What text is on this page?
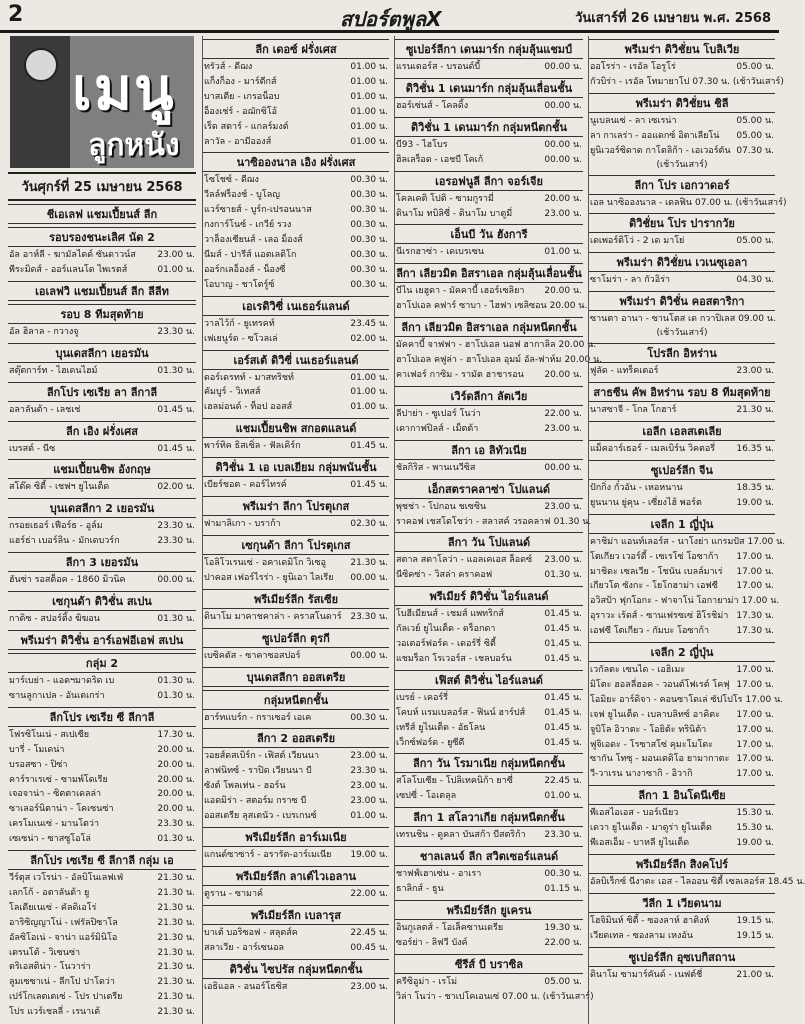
2	สปอร์ตพูลX	วันเสาร์ที่ 26 เมษายน พ.ศ. 2568
เมนู
ลูกหนัง
วันศุกร์ที่ 25 เมษายน 2568
ชีเอเลฟ แชมเปี้ยนส์ ลีก
รอบรองชนะเลิศ นัด 2
อัล อาห์ลี - ฆามัลไดด์ ซันดาวน์ส	23.00 น.
พีระมิดส์ - ออร์แลนโด ไพเรตส์	01.00 น.
เอเลฟวิ แชมเปี้ยนส์ ลีก ลีลีท
รอบ 8 ทีมสุดท้าย
อัล ฮิลาล - กวางจู	23.30 น.
บุนเดสลีกา เยอรมัน
สตุ๊ตการ์ท - ไฮเดนไฮม์	01.30 น.
ลีกโปร เซเรีย ลา ลีกาลี
อลาลันต้า - เลชเช่	01.45 น.
ลีก เอิง ฝรั่งเศส
เบรสต์ - นีซ	01.45 น.
แชมเปี้ยนชิพ อังกฤษ
สโต๊ค ซิตี้ - เชฟฯ ยูไนเต็ด	02.00 น.
บุนเดสลีกา 2 เยอรมัน
กรอยเธอร์ เฟือร์ธ - อูล์ม	23.30 น.
แฮร์ธ่า เบอร์ลิน - มักเดบวร์ก	23.30 น.
ลีกา 3 เยอรมัน
ฮันซ่า รอสต็อค - 1860 มิวนิค	00.00 น.
เซกุนด้า ดิวิชั่น สเปน
กาดิซ - สปอร์ติ้ง ฆิฆอน	01.30 น.
พรีเมร่า ดิวิชั่น อาร์เอฟอีเอฟ สเปน
กลุ่ม 2
มาร์เบย่า - แอตฯมาดริด เบ	01.30 น.
ซานลูกาเปล - อันเตเกร่า	01.30 น.
ลีกโปร เซเรีย ซี ลีกาลี
โฟรซิโนเน่ - สเปเซีย	17.30 น.
บารี่ - โมเดน่า	20.00 น.
บรอสซา - ปิซ่า	20.00 น.
คาร์ราเรเซ่ - ซามพ์โดเรีย	20.00 น.
เจอจาน่า - ซิตตาเดลล่า	20.00 น.
ซาเลอร์นิตาน่า - โคเซนซ่า	20.00 น.
เครโมเนเซ่ - มานโตว่า	23.30 น.
เซเซน่า - ซาสซูโอโล่	01.30 น.
ลีกโปร เซเรีย ซี ลีกาลี กลุ่ม เอ
วีร์ตุส เวโรน่า - อัลบิโนเลฟเฟ่	21.30 น.
เลกโก้ - อตาลันต้า ยู	21.30 น.
โลเดียเนเซ่ - คัลดิเอโร่	21.30 น.
อาริซิญญาโน่ - เฟรัลปิซาโล	21.30 น.
อัลซิโอเน่ - จาน่า แอร์มินิโอ	21.30 น.
เตรนโต้ - วิเซนซ่า	21.30 น.
ตริเอสติน่า - โนวาร่า	21.30 น.
ลูมเซซาเน่ - ลีกโป ปาโดว่า	21.30 น.
เปร์โกเลตเตเซ่ - โปร ปาเตรีย	21.30 น.
โปร แวร์เชลลี่ - เรนาเต้	21.30 น.
ลีก เดอซ์ ฝรั่งเศส
ทรัวส์ - ดีฌง	01.00 น.
แก็งก็อง - มาร์ตีกส์	01.00 น.
บาสเตีย - เกรอน็อบ	01.00 น.
อ็องเช่ร์ - อฌักซิโอ้	01.00 น.
เร็ด สตาร์ - แกลร์มงต์	01.00 น.
ลาวัล - อามีอองส์	01.00 น.
นาซิอองนาล เอิง ฝรั่งเศส
โซโชซ์ - ดีฌง	00.30 น.
วีลล์ฟร็องช์ - บูโลญ	00.30 น.
แวร์ซายส์ - บูร์ก-เปรอนนาส	00.30 น.
กงการ์โนซ์ - เกวีย์ รวง	00.30 น.
วาล็องเซียนส์ - เลอ ม็องส์	00.30 น.
นีมส์ - ปารีส์ แอตเลติโก	00.30 น.
ออร์กเลอ็องส์ - น็องซี่	00.30 น.
โอบาญ - ชาโตรู์ซ์	00.30 น.
เอเรดิวิซี่ เนเธอร์แลนด์
วาลไว้ก์ - ยูเทรคท์	23.45 น.
เฟเยนูร์ด - ซโวลเล่	02.00 น.
เอร์สเต้ ดิวิซี่ เนเธอร์แลนด์
ดอร์เดรทท์ - มาสทริชท์	01.00 น.
คัมบูร์ - วิเทสส์	01.00 น.
เฮลม่อนด์ - ท็อป ออสส์	01.00 น.
แชมเปี้ยนชิพ สกอตแลนด์
พาร์ทิค ธิสเซิ่ล - ฟัลเคิร์ก	01.45 น.
ดิวิชั่น 1 เอ เบลเยียม กลุ่มพนันชั้น
เบียร์ชอต - คอร์ไทรค์	01.45 น.
พรีเมร่า ลีกา โปรตุเกส
ฟามาลิเกา - บราก้า	02.30 น.
เซกุนด้า ลีกา โปรตุเกส
โอลิโวเรนเซ่ - อคาเดมิโก วิเซอู	21.30 น.
ปาคอส เฟอร์ไรร่า - ยูนิเอา ไลเรีย	00.00 น.
พรีเมียร์ลีก รัสเซีย
ดินาโม มาคาชคาล่า - คราสโนดาร์ 23.30 น.
ซูเปอร์ลีก ตุรกี
เบซิคตัส - ซาคาซอสปอร์	00.00 น.
บุนเดสลีกา ออสเตรีย
กลุ่มหนีตกชั้น
ฮาร์ทแบร์ก - กราเซอร์ เอเค	00.30 น.
ลีกา 2 ออสเตรีย
วอยส์ดสเบิร์ก - เฟิสต์ เวียนนา	23.00 น.
ลาฟนิทซ์ - ราปิด เวียนนา บี	23.30 น.
ซังต์ โพลเท่น - ฮอร์น	23.00 น.
แอดมิร่า - สตอร์ม กราซ บี	23.00 น.
ออสเตรีย ลุสเตนัว - เบรเกนซ์	01.00 น.
พรีเมียร์ลีก อาร์เมเนีย
แกนด์ซาซาร์ - อรารัต-อาร์เมเนีย	19.00 น.
พรีเมียร์ลีก ลาเต์ไวเอลาน
ตูราน - ซามาค์	22.00 น.
พรีเมียร์ลีก เบลารุส
บาเต้ บอริซอฟ - สลุตส์ค	22.45 น.
สลาเวีย - อาร์เซนอล	00.45 น.
ดิวิชั่น ไซปรัส กลุ่มหนีตกชั้น
เอธิแอล - อนอร์โธซิส	23.00 น.
ซูเปอร์ลีกา เดนมาร์ก กลุ่มลุ้นแชมป์
แรนเดอร์ส - บรอนด์บี้	00.00 น.
ดิวิชั่น 1 เดนมาร์ก กลุ่มลุ้นเลื่อนชั้น
ฮอร์เซ่นส์ - โคลดิ้ง	00.00 น.
ดิวิชั่น 1 เดนมาร์ก กลุ่มหนีตกชั้น
บี93 - ไฮโบร	00.00 น.
ฮิลเลร็อด - เอชบี โคเก้	00.00 น.
เอรอฟนูลี ลีกา จอร์เจีย
โคลเคติ โปติ - ซามกูรามี่	20.00 น.
ดินาโม ทบิลิซี่ - ดินาโม บาตูมี่	23.00 น.
เอ็นบี วัน ฮังการี
นีเรกฮาซ่า - เดเบรเซน	01.00 น.
ลีกา เลียวมิต อิสราเอล กลุ่มลุ้นเลื่อนชั้น
บีไน เยฮูดา - มัคคาบี้ เฮอร์เซลิยา	20.00 น.
ฮาโปเอล คฟาร์ ซาบา - ไฮฟา เซลิซอน 20.00 น.
ลีกา เลียวมิต อิสราเอล กลุ่มหนีตกชั้น
มัคคาบี้ จาฟฟา - ฮาโปเอล นอฟ ฮากาลิล 20.00 น.
ฮาโปเอล คฟูล่า - ฮาโปเอล อุมม์ อัล-ฟาห์ม 20.00 น.
คาเฟอร์ กาซิม - รามัต ฮาชารอน	20.00 น.
เวิร์ดลีกา ลัตเวีย
ลีปาย่า - ซูเปอร์ โนว่า	22.00 น.
เดากาฟปิลส์ - เม็ตต้า	23.00 น.
ลีกา เอ ลิทัวเนีย
ชัลกิริส - พานเนวีซิส	00.00 น.
เอ็กสตราคลาซ่า โปแลนด์
พุชช่า - โปกอน ชเซซิน	23.00 น.
ราคอฟ เชสโตโชว่า - สลาสค์ วรอคลาฟ 01.30 น.
ลีกา วัน โปแลนด์
สตาล สตาโลว่า - แอลเคเอส ล็อดซ์	23.00 น.
นีซิคซ่า - วิสล่า คราคอฟ	01.30 น.
พรีเมียร์ ดิวิชั่น ไอร์แลนด์
โบฮีเมียนส์ - เชมส์ แพทริกส์	01.45 น.
กัลเวย์ ยูไนเต็ด - ดร็อกดา	01.45 น.
วอเตอร์ฟอร์ด - เดอร์รี่ ซิตี้	01.45 น.
แชมร็อก โรเวอร์ส - เชลบอร์น	01.45 น.
เฟิสต์ ดิวิชั่น ไอร์แลนด์
เบรย์ - เคอร์รี่	01.45 น.
โคบห์ แรมเบลอร์ส - ฟินน์ ฮาร์ปส์	01.45 น.
เทรีส์ ยูไนเต็ด - อัธโลน	01.45 น.
เว็กซ์ฟอร์ด - ยูซีดี	01.45 น.
ลีกา วัน โรมาเนีย กลุ่มหนีตกชั้น
สโลโบเซีย - โปลิเทคนิก้า ยาซี่	22.45 น.
เซปซี่ - โอเตลุล	01.00 น.
ลีกา 1 สโลวาเกีย กลุ่มหนีตกชั้น
เทรนชิน - ดูคลา บันสก้า บีสตริก้า	23.30 น.
ชาลเลนจ์ ลีก สวิตเซอร์แลนด์
ชาฟฟ์เฮาเซ่น - อาเรา	00.30 น.
ธาลิกส์ - ธูน	01.15 น.
พรีเมียร์ลีก ยูเครน
อินกูเลตส์ - โอเล็คซานเดรีย	19.30 น.
ซอร์ย่า - ลิฟวี บังค์	22.00 น.
ซีรีส์ บี บราซิล
ครีซิอูม่า - เรโม่	05.00 น.
วิล่า โนว่า - ชาเปโคเอนเซ่ 07.00 น. (เช้าวันเสาร์)
พรีเมร่า ดิวิชั่ยน โบลิเวีย
ออโรร่า - เรอัล โอรูโร่	05.00 น.
กัวบิร่า - เรอัล โทมายาโป 07.30 น. (เช้าวันเสาร์)
พรีเมร่า ดิวิชั่ยน ชิลี
นูเบลนเซ่ - ลา เซเรน่า	05.00 น.
ลา กาเลร่า - ออแดกซ์ อิตาเลียโน่	05.00 น.
ยูนิเวอร์ซิดาด กาโตลิก้า - เอเวอร์ตัน 07.30 น.
(เช้าวันเสาร์)
ลีกา โปร เอกวาดอร์
เอล นาซิอองนาล - เดลฟิน 07.00 น. (เช้าวันเสาร์)
ดิวิชั่ยน โปร ปารากวัย
เดเพอร์ติโว่ - 2 เด มาโย่	05.00 น.
พรีเมร่า ดิวิชั่ยน เวเนซุเอลา
ซาโมร่า - ลา กัวอิร่า	04.30 น.
พรีเมร่า ดิวิชั่น คอสตาริกา
ซานตา อานา - ซานโตส เด กวาปิเลส 09.00 น.
(เช้าวันเสาร์)
โปรลีก อิหร่าน
ฟูลัด - แทร็คเตอร์	23.00 น.
สาธซีน คัพ อิหร่าน รอบ 8 ทีมสุดท้าย
นาสซาจี - โกล โกฮาร์	21.30 น.
เอลีก เอลสเตเลีย
แม็คอาร์เธอร์ - เมลเบิร์น วิคตอรี่	16.35 น.
ซูเปอร์ลีก จีน
ปักกิ่ง กั๋วอัน - เหอหนาน	18.35 น.
ยูนนาน ยู่คุน - เซี่ยงไฮ้ พอร์ต	19.00 น.
เจลีก 1 ญี่ปุ่น
คาชิม่า แอนท์เลอร์ส - นาโงย่า แกรมปัส 17.00 น.
โตเกียว เวอร์ดี้ - เซเรโซ่ โอซาก้า	17.00 น.
มาชิดะ เซลเวีย - โชนัน เบลล์มาเร่	17.00 น.
เกียวโต ซังกะ - โยโกฮาม่า เอฟซี	17.00 น.
อวิสป้า ฟุกโอกะ - ฟาจาโน่ โอกายาม่า 17.00 น.
อุราวะ เร้ดส์ - ซานเฟรซเซ่ ฮิโรชิม่า 17.30 น.
เอฟซี โตเกียว - กัมบะ โอซาก้า	17.30 น.
เจลีก 2 ญี่ปุ่น
เวกัลตะ เซนได - เอฮิเมะ	17.00 น.
มิโตะ ฮอลลี่ฮอค - วอนต์โฟเรต์ โคฟุ 17.00 น.
โอมิยะ อาร์ดิจา - คอนซาโดเล่ ซัปโปโร 17.00 น.
เจฟ ยูไนเต็ด - เบลาบลิทซ์ อาคิตะ	17.00 น.
จูบิโล อิวาตะ - โอยิต้ะ ทรินิต้า	17.00 น.
ฟูจิเอดะ - โรซาสโซ่ คุมะโมโตะ	17.00 น.
ซากัน โทซุ - มอนเตดิโอ ยามากาตะ 17.00 น.
วี-วาเรน นางาซากิ - อิวากิ	17.00 น.
ลีกา 1 อินโดนีเซีย
พีเอสไอเอส - บอร์เนียว	15.30 น.
เดวา ยูไนเต็ด - มาดูร่า ยูไนเต็ด	15.30 น.
พีเอสเอ็ม - บาหลี ยูไนเต็ด	19.00 น.
พรีเมียร์ลีก สิงคโปร์
อัลบิเร็กซ์ นีงาตะ เอส - ไลออน ซิตี้ เซลเลอร์ส 18.45 น.
วีลีก 1 เวียดนาม
โฮจิมินห์ ซิตี้ - ซองลาห์ ฮาติงห์	19.15 น.
เวียดเทล - ซองลาม เหงอัน	19.15 น.
ซูเปอร์ลีก อุซเบกิสถาน
ดินาโม ซามาร์คันด์ - เนฟต์ชี่	21.00 น.
